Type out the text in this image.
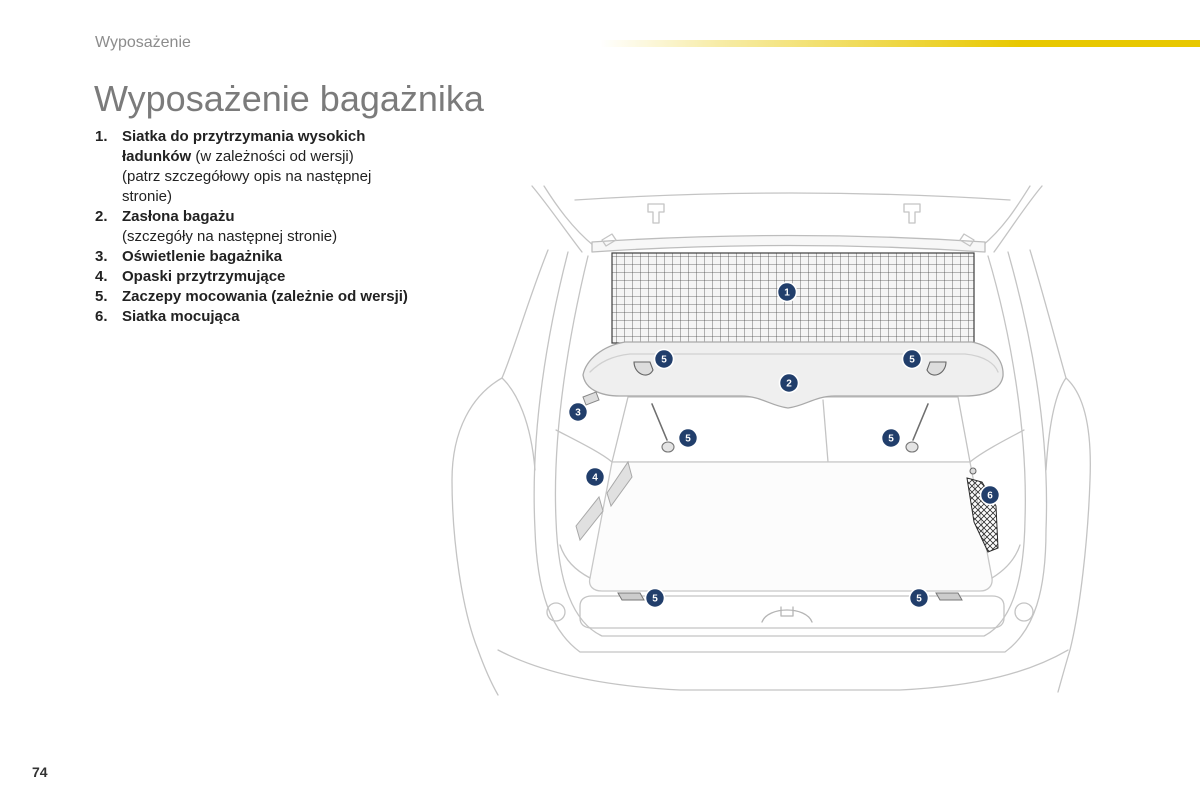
Wyposażenie
Wyposażenie bagażnika
1. Siatka do przytrzymania wysokich ładunków (w zależności od wersji)
(patrz szczegółowy opis na następnej stronie)
2. Zasłona bagażu
(szczegóły na następnej stronie)
3. Oświetlenie bagażnika
4. Opaski przytrzymujące
5. Zaczepy mocowania (zależnie od wersji)
6. Siatka mocująca
1
5	5
2
3
5	5
4
6
5	5
74
